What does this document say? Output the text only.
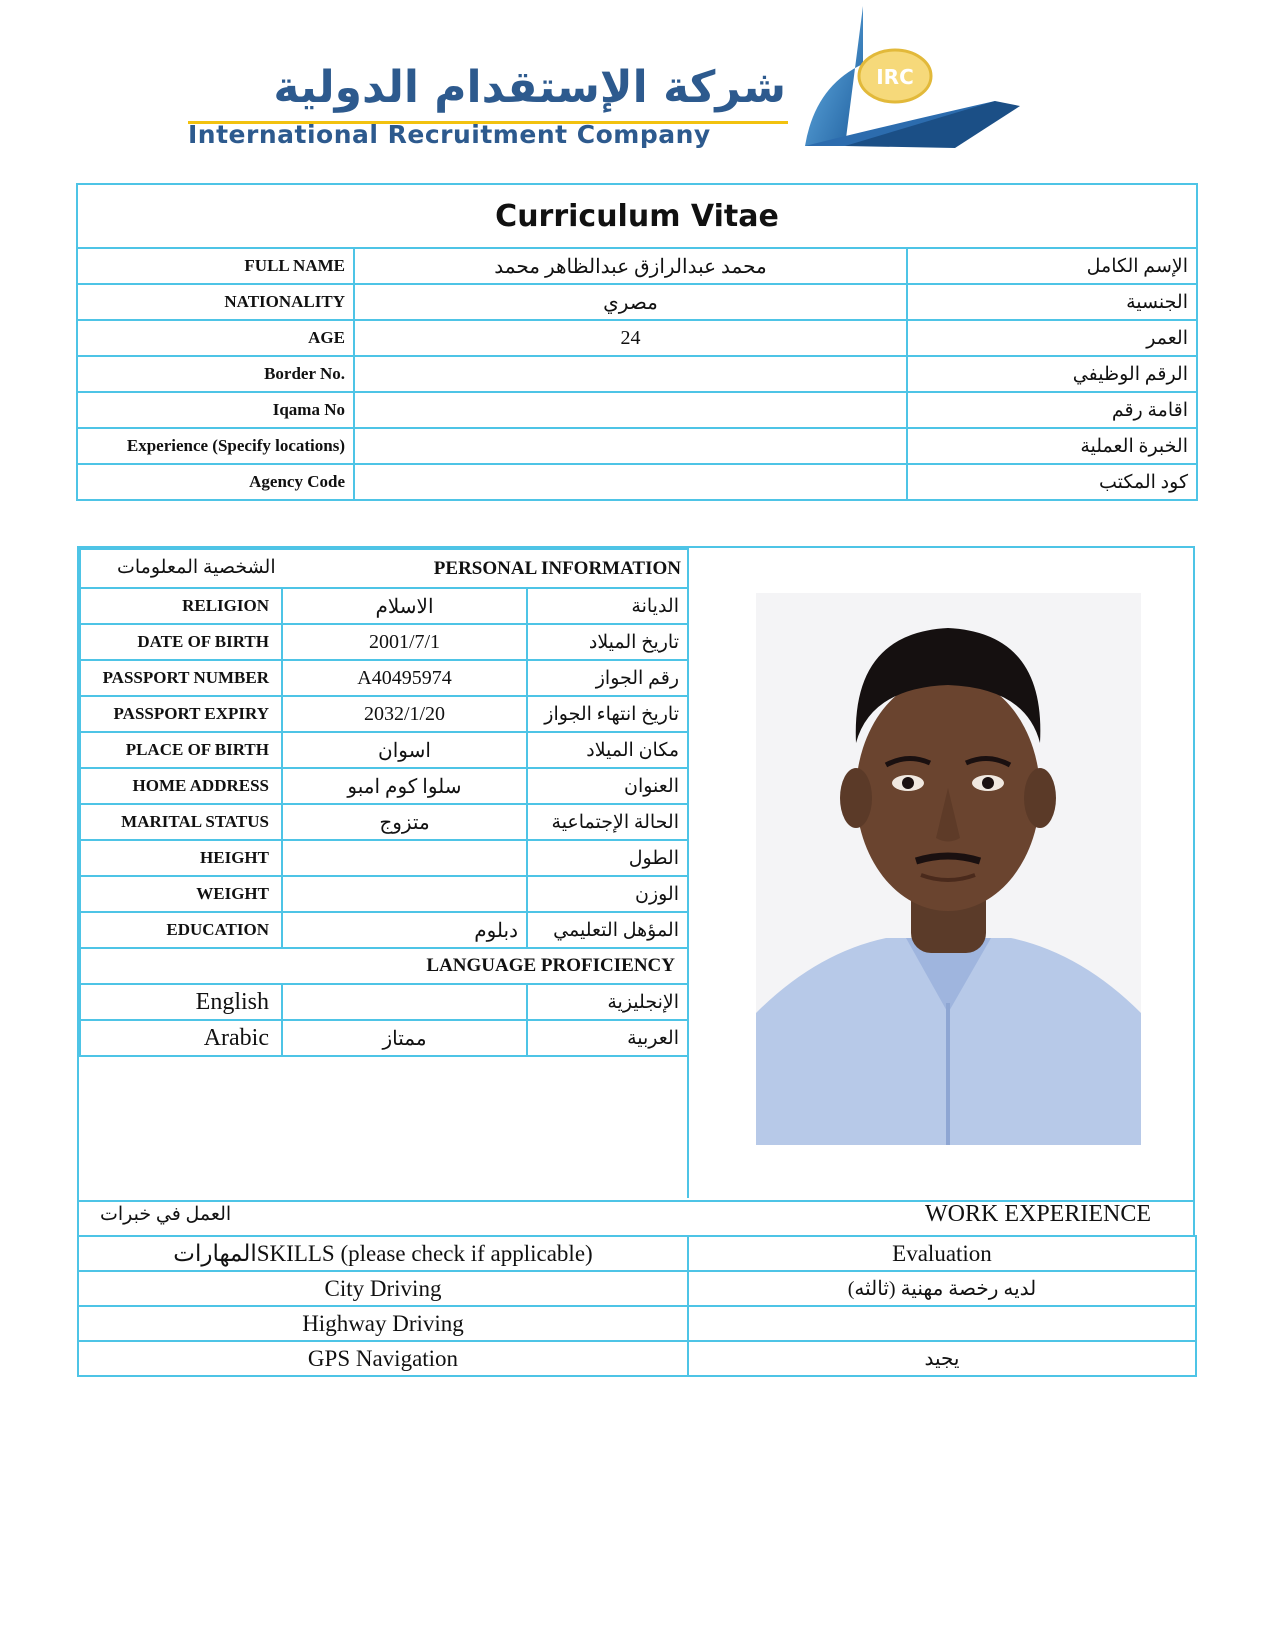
شركة الإستقدام الدولية
International Recruitment Company
IRC
Curriculum Vitae		
FULL NAME	محمد عبدالرازق عبدالظاهر محمد	الإسم الكامل
NATIONALITY	مصري	الجنسية
AGE	24	العمر
Border No.		الرقم الوظيفي
Iqama No		اقامة رقم
Experience (Specify locations)		الخبرة العملية
Agency Code		كود المكتب
الشخصية المعلومات PERSONAL INFORMATION		

RELIGION	الاسلام	الديانة
DATE OF BIRTH	2001/7/1	تاريخ الميلاد
PASSPORT NUMBER	A40495974	رقم الجواز
PASSPORT EXPIRY	2032/1/20	تاريخ انتهاء الجواز
PLACE OF BIRTH	اسوان	مكان الميلاد
HOME ADDRESS	سلوا كوم امبو	العنوان
MARITAL STATUS	متزوج	الحالة الإجتماعية
HEIGHT		الطول
WEIGHT		الوزن
EDUCATION	دبلوم	المؤهل التعليمي
LANGUAGE PROFICIENCY		
English		الإنجليزية
Arabic	ممتاز	العربية
العمل في خبرات	WORK EXPERIENCE
المهاراتSKILLS (please check if applicable)	Evaluation
City Driving	لديه رخصة مهنية (ثالثه)
Highway Driving	
GPS Navigation	يجيد
